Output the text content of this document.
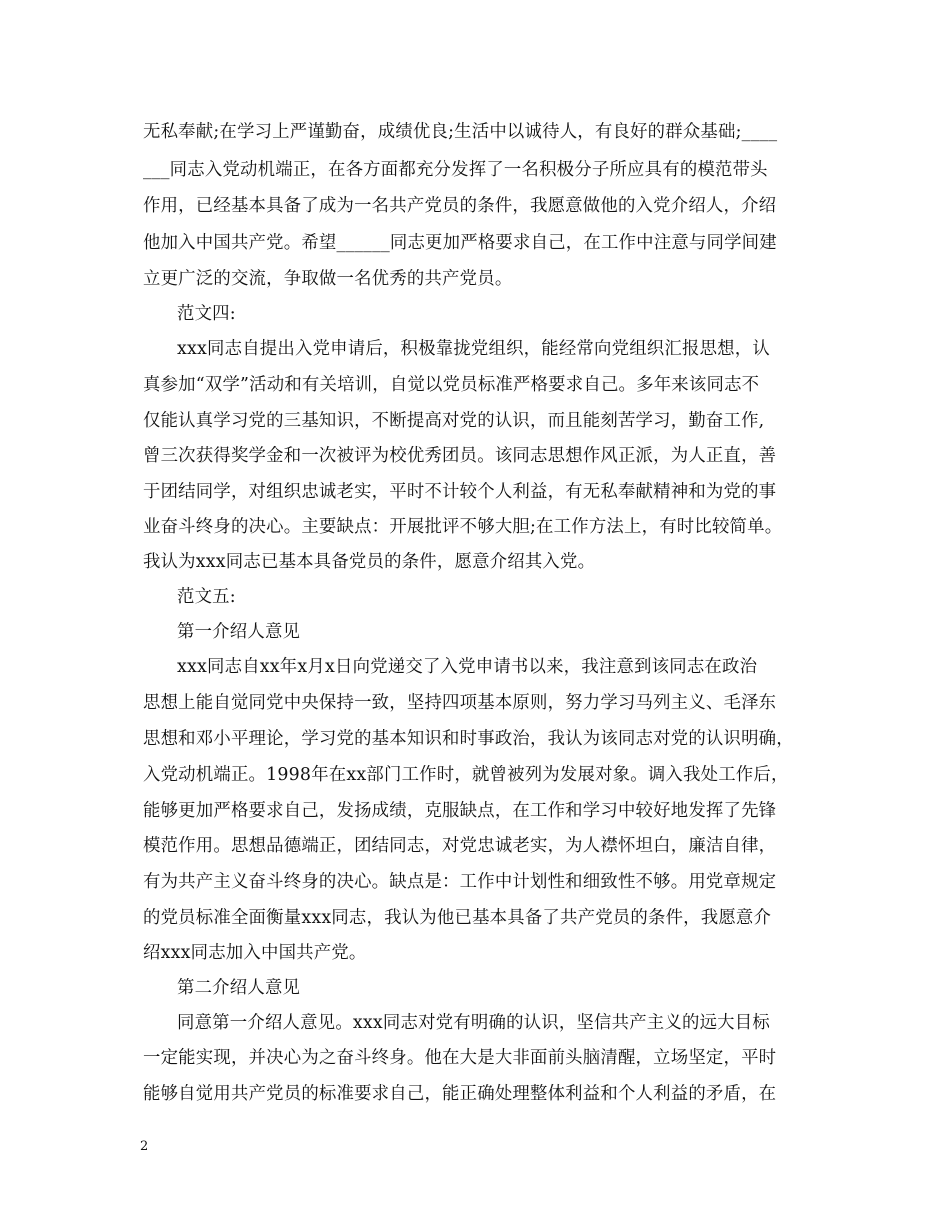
无私奉献;在学习上严谨勤奋，成绩优良;生活中以诚待人，有良好的群众基础;____
___同志入党动机端正，在各方面都充分发挥了一名积极分子所应具有的模范带头
作用，已经基本具备了成为一名共产党员的条件，我愿意做他的入党介绍人，介绍
他加入中国共产党。希望______同志更加严格要求自己，在工作中注意与同学间建
立更广泛的交流，争取做一名优秀的共产党员。
范文四:
xxx同志自提出入党申请后，积极靠拢党组织，能经常向党组织汇报思想，认
真参加“双学”活动和有关培训，自觉以党员标准严格要求自己。多年来该同志不
仅能认真学习党的三基知识，不断提高对党的认识，而且能刻苦学习，勤奋工作,
曾三次获得奖学金和一次被评为校优秀团员。该同志思想作风正派，为人正直，善
于团结同学，对组织忠诚老实，平时不计较个人利益，有无私奉献精神和为党的事
业奋斗终身的决心。主要缺点：开展批评不够大胆;在工作方法上，有时比较简单。
我认为xxx同志已基本具备党员的条件，愿意介绍其入党。
范文五:
第一介绍人意见
xxx同志自xx年x月x日向党递交了入党申请书以来，我注意到该同志在政治
思想上能自觉同党中央保持一致，坚持四项基本原则，努力学习马列主义、毛泽东
思想和邓小平理论，学习党的基本知识和时事政治，我认为该同志对党的认识明确，
入党动机端正。1998年在xx部门工作时，就曾被列为发展对象。调入我处工作后，
能够更加严格要求自己，发扬成绩，克服缺点，在工作和学习中较好地发挥了先锋
模范作用。思想品德端正，团结同志，对党忠诚老实，为人襟怀坦白，廉洁自律，
有为共产主义奋斗终身的决心。缺点是：工作中计划性和细致性不够。用党章规定
的党员标准全面衡量xxx同志，我认为他已基本具备了共产党员的条件，我愿意介
绍xxx同志加入中国共产党。
第二介绍人意见
同意第一介绍人意见。xxx同志对党有明确的认识，坚信共产主义的远大目标
一定能实现，并决心为之奋斗终身。他在大是大非面前头脑清醒，立场坚定，平时
能够自觉用共产党员的标准要求自己，能正确处理整体利益和个人利益的矛盾，在
2
